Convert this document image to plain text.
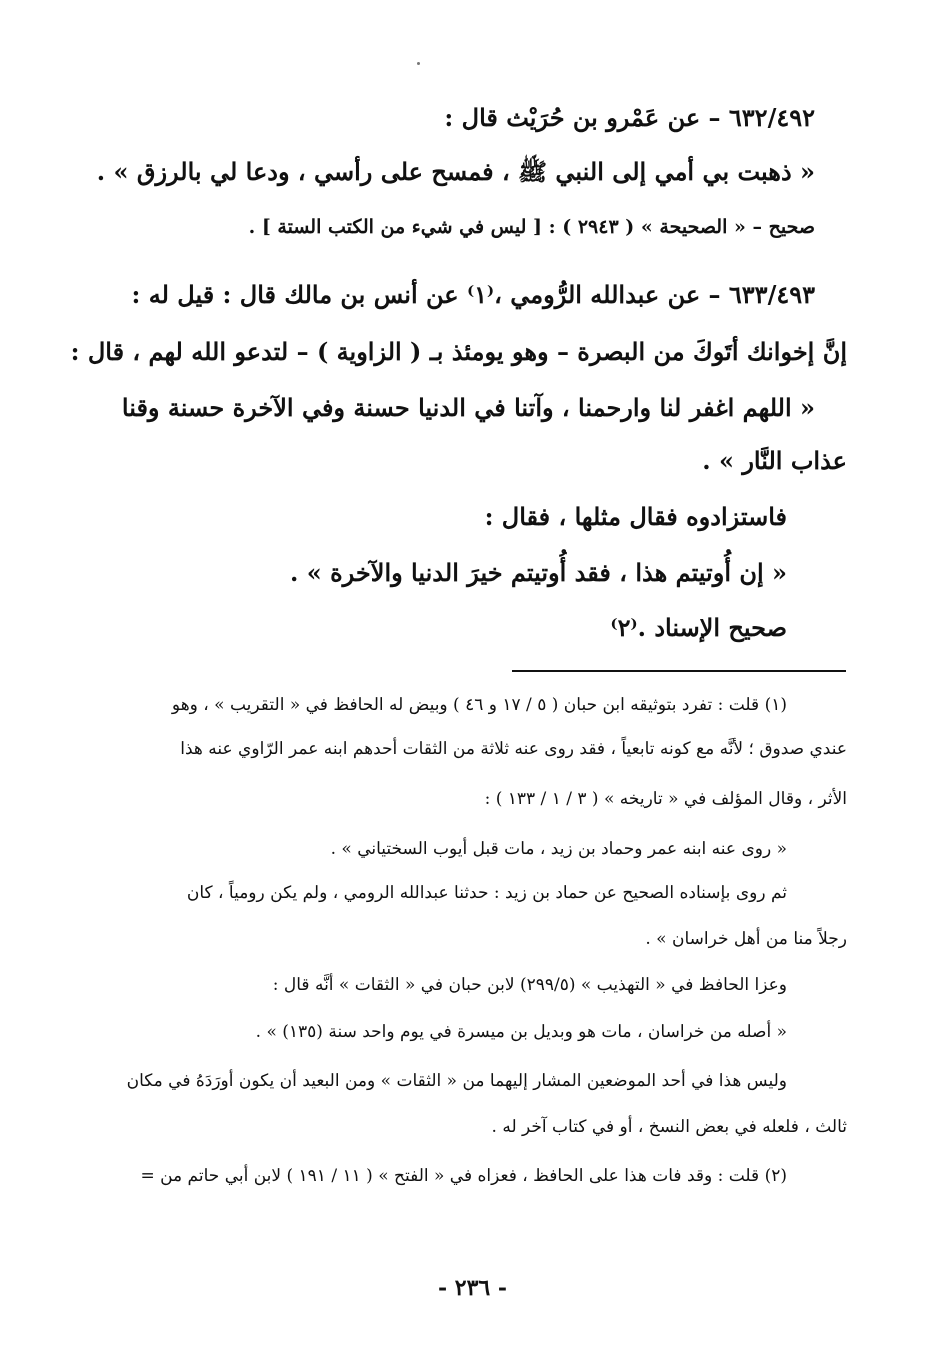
٦٣٢/٤٩٢ – عن عَمْرو بن حُرَيْث قال :
« ذهبت بي أمي إلى النبي ﷺ ، فمسح على رأسي ، ودعا لي بالرزق » .
صحيح – « الصحيحة » ( ٢٩٤٣ ) : [ ليس في شيء من الكتب الستة ] .
٦٣٣/٤٩٣ – عن عبدالله الرُّومي ،⁽١⁾ عن أنس بن مالك قال : قيل له :
إنَّ إخوانك أتَوكَ من البصرة – وهو يومئذ بـ ( الزاوية ) – لتدعو الله لهم ، قال :
« اللهم اغفر لنا وارحمنا ، وآتنا في الدنيا حسنة وفي الآخرة حسنة وقنا
عذاب النَّار » .
فاستزادوه فقال مثلها ، فقال :
« إن أُوتيتم هذا ، فقد أُوتيتم خيرَ الدنيا والآخرة » .
صحيح الإسناد .⁽٢⁾
(١) قلت : تفرد بتوثيقه ابن حبان ( ٥ / ١٧ و ٤٦ ) وبيض له الحافظ في « التقريب » ، وهو
عندي صدوق ؛ لأنَّه مع كونه تابعياً ، فقد روى عنه ثلاثة من الثقات أحدهم ابنه عمر الرّاوي عنه هذا
الأثر ، وقال المؤلف في « تاريخه » ( ٣ / ١ / ١٣٣ ) :
« روى عنه ابنه عمر وحماد بن زيد ، مات قبل أيوب السختياني » .
ثم روى بإسناده الصحيح عن حماد بن زيد : حدثنا عبدالله الرومي ، ولم يكن رومياً ، كان
رجلاً منا من أهل خراسان » .
وعزا الحافظ في « التهذيب » (٢٩٩/٥) لابن حبان في « الثقات » أنَّه قال :
« أصله من خراسان ، مات هو وبديل بن ميسرة في يوم واحد سنة (١٣٥) » .
وليس هذا في أحد الموضعين المشار إليهما من « الثقات » ومن البعيد أن يكون أورَدَهُ في مكان
ثالث ، فلعله في بعض النسخ ، أو في كتاب آخر له .
(٢) قلت : وقد فات هذا على الحافظ ، فعزاه في « الفتح » ( ١١ / ١٩١ ) لابن أبي حاتم من =
- ٢٣٦ -
